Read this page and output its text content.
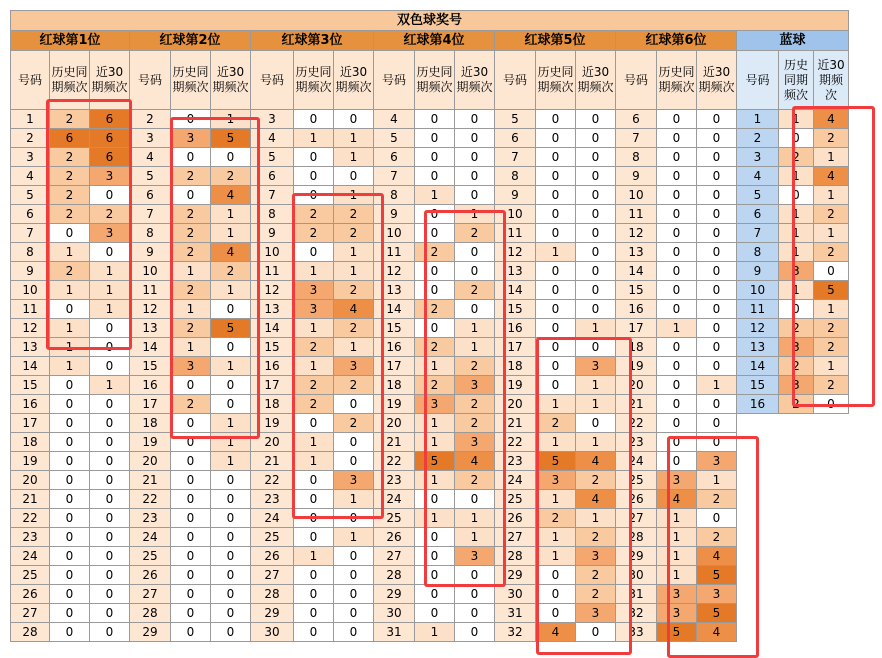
双色球奖号																				
红球第1位			红球第2位			红球第3位			红球第4位			红球第5位			红球第6位			蓝球		
号码	历史同期频次	近30期频次	号码	历史同期频次	近30期频次	号码	历史同期频次	近30期频次	号码	历史同期频次	近30期频次	号码	历史同期频次	近30期频次	号码	历史同期频次	近30期频次	号码	历史同期频次	近30期频次
1	2	6	2	0	1	3	0	0	4	0	0	5	0	0	6	0	0	1	1	4
2	6	6	3	3	5	4	1	1	5	0	0	6	0	0	7	0	0	2	0	2
3	2	6	4	0	0	5	0	1	6	0	0	7	0	0	8	0	0	3	2	1
4	2	3	5	2	2	6	0	0	7	0	0	8	0	0	9	0	0	4	1	4
5	2	0	6	0	4	7	0	1	8	1	0	9	0	0	10	0	0	5	0	1
6	2	2	7	2	1	8	2	2	9	0	1	10	0	0	11	0	0	6	1	2
7	0	3	8	2	1	9	2	2	10	0	2	11	0	0	12	0	0	7	1	1
8	1	0	9	2	4	10	0	1	11	2	0	12	1	0	13	0	0	8	1	2
9	2	1	10	1	2	11	1	1	12	0	0	13	0	0	14	0	0	9	3	0
10	1	1	11	2	1	12	3	2	13	0	2	14	0	0	15	0	0	10	1	5
11	0	1	12	1	0	13	3	4	14	2	0	15	0	0	16	0	0	11	0	1
12	1	0	13	2	5	14	1	2	15	0	1	16	0	1	17	1	0	12	2	2
13	1	0	14	1	0	15	2	1	16	2	1	17	0	0	18	0	0	13	3	2
14	1	0	15	3	1	16	1	3	17	1	2	18	0	3	19	0	0	14	2	1
15	0	1	16	0	0	17	2	2	18	2	3	19	0	1	20	0	1	15	3	2
16	0	0	17	2	0	18	2	0	19	3	2	20	1	1	21	0	0	16	2	0
17	0	0	18	0	1	19	0	2	20	1	2	21	2	0	22	0	0			
18	0	0	19	0	1	20	1	0	21	1	3	22	1	1	23	0	0			
19	0	0	20	0	1	21	1	0	22	5	4	23	5	4	24	0	3			
20	0	0	21	0	0	22	0	3	23	1	2	24	3	2	25	3	1			
21	0	0	22	0	0	23	0	1	24	0	0	25	1	4	26	4	2			
22	0	0	23	0	0	24	0	0	25	1	1	26	2	1	27	1	0			
23	0	0	24	0	0	25	0	1	26	0	1	27	1	2	28	1	2			
24	0	0	25	0	0	26	1	0	27	0	3	28	1	3	29	1	4			
25	0	0	26	0	0	27	0	0	28	0	0	29	0	2	30	1	5			
26	0	0	27	0	0	28	0	0	29	0	0	30	0	2	31	3	3			
27	0	0	28	0	0	29	0	0	30	0	0	31	0	3	32	3	5			
28	0	0	29	0	0	30	0	0	31	1	0	32	4	0	33	5	4			
